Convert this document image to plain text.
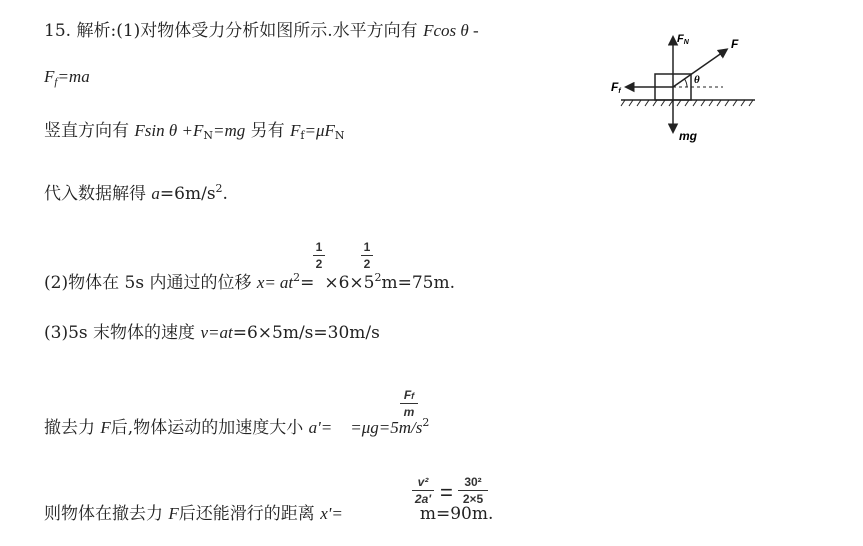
15. 解析:(1)对物体受力分析如图所示.水平方向有 Fcos θ -
$F_f=ma$
竖直方向有 Fsin $\theta +F_N=mg$ 另有 $F_f=\mu F_N$
代入数据解得 $a=6m/s^2$.
1
2
1
2
(2)物体在 5s 内通过的位移 $x= at^2= \times 6\times 5^2m=75m$.
(3)5s 末物体的速度 v=at=6×5m/s=30m/s
Ff
m
撤去力 F后,物体运动的加速度大小 $a'= =\mu g=5m/s^2$
v²
2a' = 30²
2×5
则物体在撤去力 F后还能滑行的距离 x'=	m=90m.
FN	F
Ff
θ
mg
